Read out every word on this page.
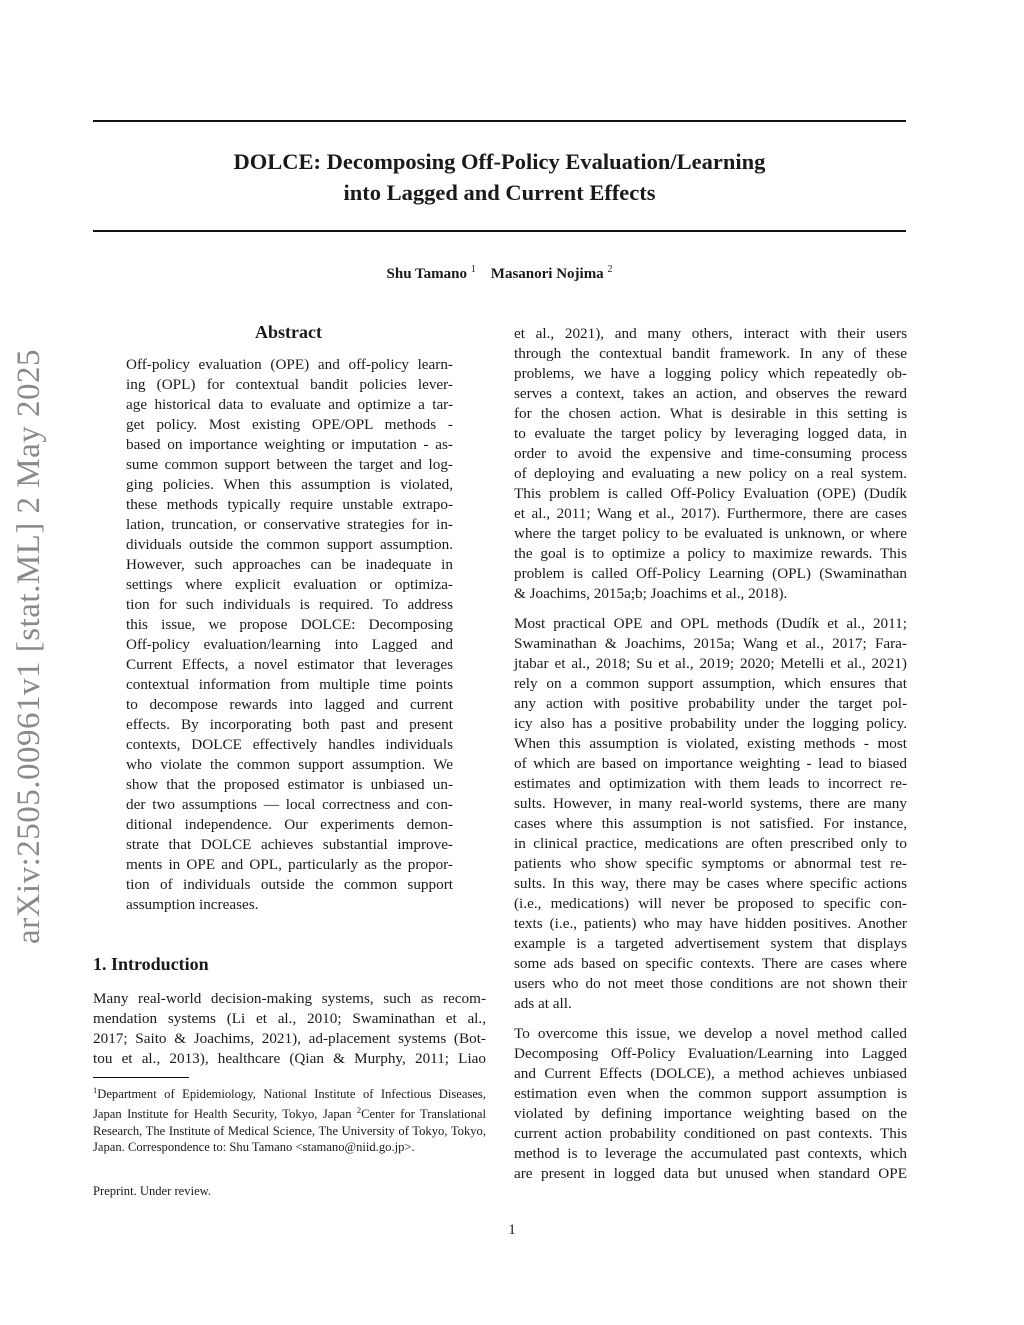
arXiv:2505.00961v1 [stat.ML] 2 May 2025
DOLCE: Decomposing Off-Policy Evaluation/Learning
into Lagged and Current Effects
Shu Tamano $^1$ Masanori Nojima $^2$
Abstract
Off-policy evaluation (OPE) and off-policy learn-
ing (OPL) for contextual bandit policies lever-
age historical data to evaluate and optimize a tar-
get policy. Most existing OPE/OPL methods -
based on importance weighting or imputation - as-
sume common support between the target and log-
ging policies. When this assumption is violated,
these methods typically require unstable extrapo-
lation, truncation, or conservative strategies for in-
dividuals outside the common support assumption.
However, such approaches can be inadequate in
settings where explicit evaluation or optimiza-
tion for such individuals is required. To address
this issue, we propose DOLCE: Decomposing
Off-policy evaluation/learning into Lagged and
Current Effects, a novel estimator that leverages
contextual information from multiple time points
to decompose rewards into lagged and current
effects. By incorporating both past and present
contexts, DOLCE effectively handles individuals
who violate the common support assumption. We
show that the proposed estimator is unbiased un-
der two assumptions — local correctness and con-
ditional independence. Our experiments demon-
strate that DOLCE achieves substantial improve-
ments in OPE and OPL, particularly as the propor-
tion of individuals outside the common support
assumption increases.
1. Introduction
Many real-world decision-making systems, such as recom-
mendation systems (Li et al., 2010; Swaminathan et al.,
2017; Saito & Joachims, 2021), ad-placement systems (Bot-
tou et al., 2013), healthcare (Qian & Murphy, 2011; Liao
$^1$Department of Epidemiology, National Institute of Infectious Diseases, Japan Institute for Health Security, Tokyo, Japan $^2$Center for Translational Research, The Institute of Medical Science, The University of Tokyo, Tokyo, Japan. Correspondence to: Shu Tamano <stamano@niid.go.jp>.
Preprint. Under review.

et al., 2021), and many others, interact with their users
through the contextual bandit framework. In any of these
problems, we have a logging policy which repeatedly ob-
serves a context, takes an action, and observes the reward
for the chosen action. What is desirable in this setting is
to evaluate the target policy by leveraging logged data, in
order to avoid the expensive and time-consuming process
of deploying and evaluating a new policy on a real system.
This problem is called Off-Policy Evaluation (OPE) (Dudík
et al., 2011; Wang et al., 2017). Furthermore, there are cases
where the target policy to be evaluated is unknown, or where
the goal is to optimize a policy to maximize rewards. This
problem is called Off-Policy Learning (OPL) (Swaminathan
& Joachims, 2015a;b; Joachims et al., 2018).

Most practical OPE and OPL methods (Dudík et al., 2011;
Swaminathan & Joachims, 2015a; Wang et al., 2017; Fara-
jtabar et al., 2018; Su et al., 2019; 2020; Metelli et al., 2021)
rely on a common support assumption, which ensures that
any action with positive probability under the target pol-
icy also has a positive probability under the logging policy.
When this assumption is violated, existing methods - most
of which are based on importance weighting - lead to biased
estimates and optimization with them leads to incorrect re-
sults. However, in many real-world systems, there are many
cases where this assumption is not satisfied. For instance,
in clinical practice, medications are often prescribed only to
patients who show specific symptoms or abnormal test re-
sults. In this way, there may be cases where specific actions
(i.e., medications) will never be proposed to specific con-
texts (i.e., patients) who may have hidden positives. Another
example is a targeted advertisement system that displays
some ads based on specific contexts. There are cases where
users who do not meet those conditions are not shown their
ads at all.

To overcome this issue, we develop a novel method called
Decomposing Off-Policy Evaluation/Learning into Lagged
and Current Effects (DOLCE), a method achieves unbiased
estimation even when the common support assumption is
violated by defining importance weighting based on the
current action probability conditioned on past contexts. This
method is to leverage the accumulated past contexts, which
are present in logged data but unused when standard OPE

1
